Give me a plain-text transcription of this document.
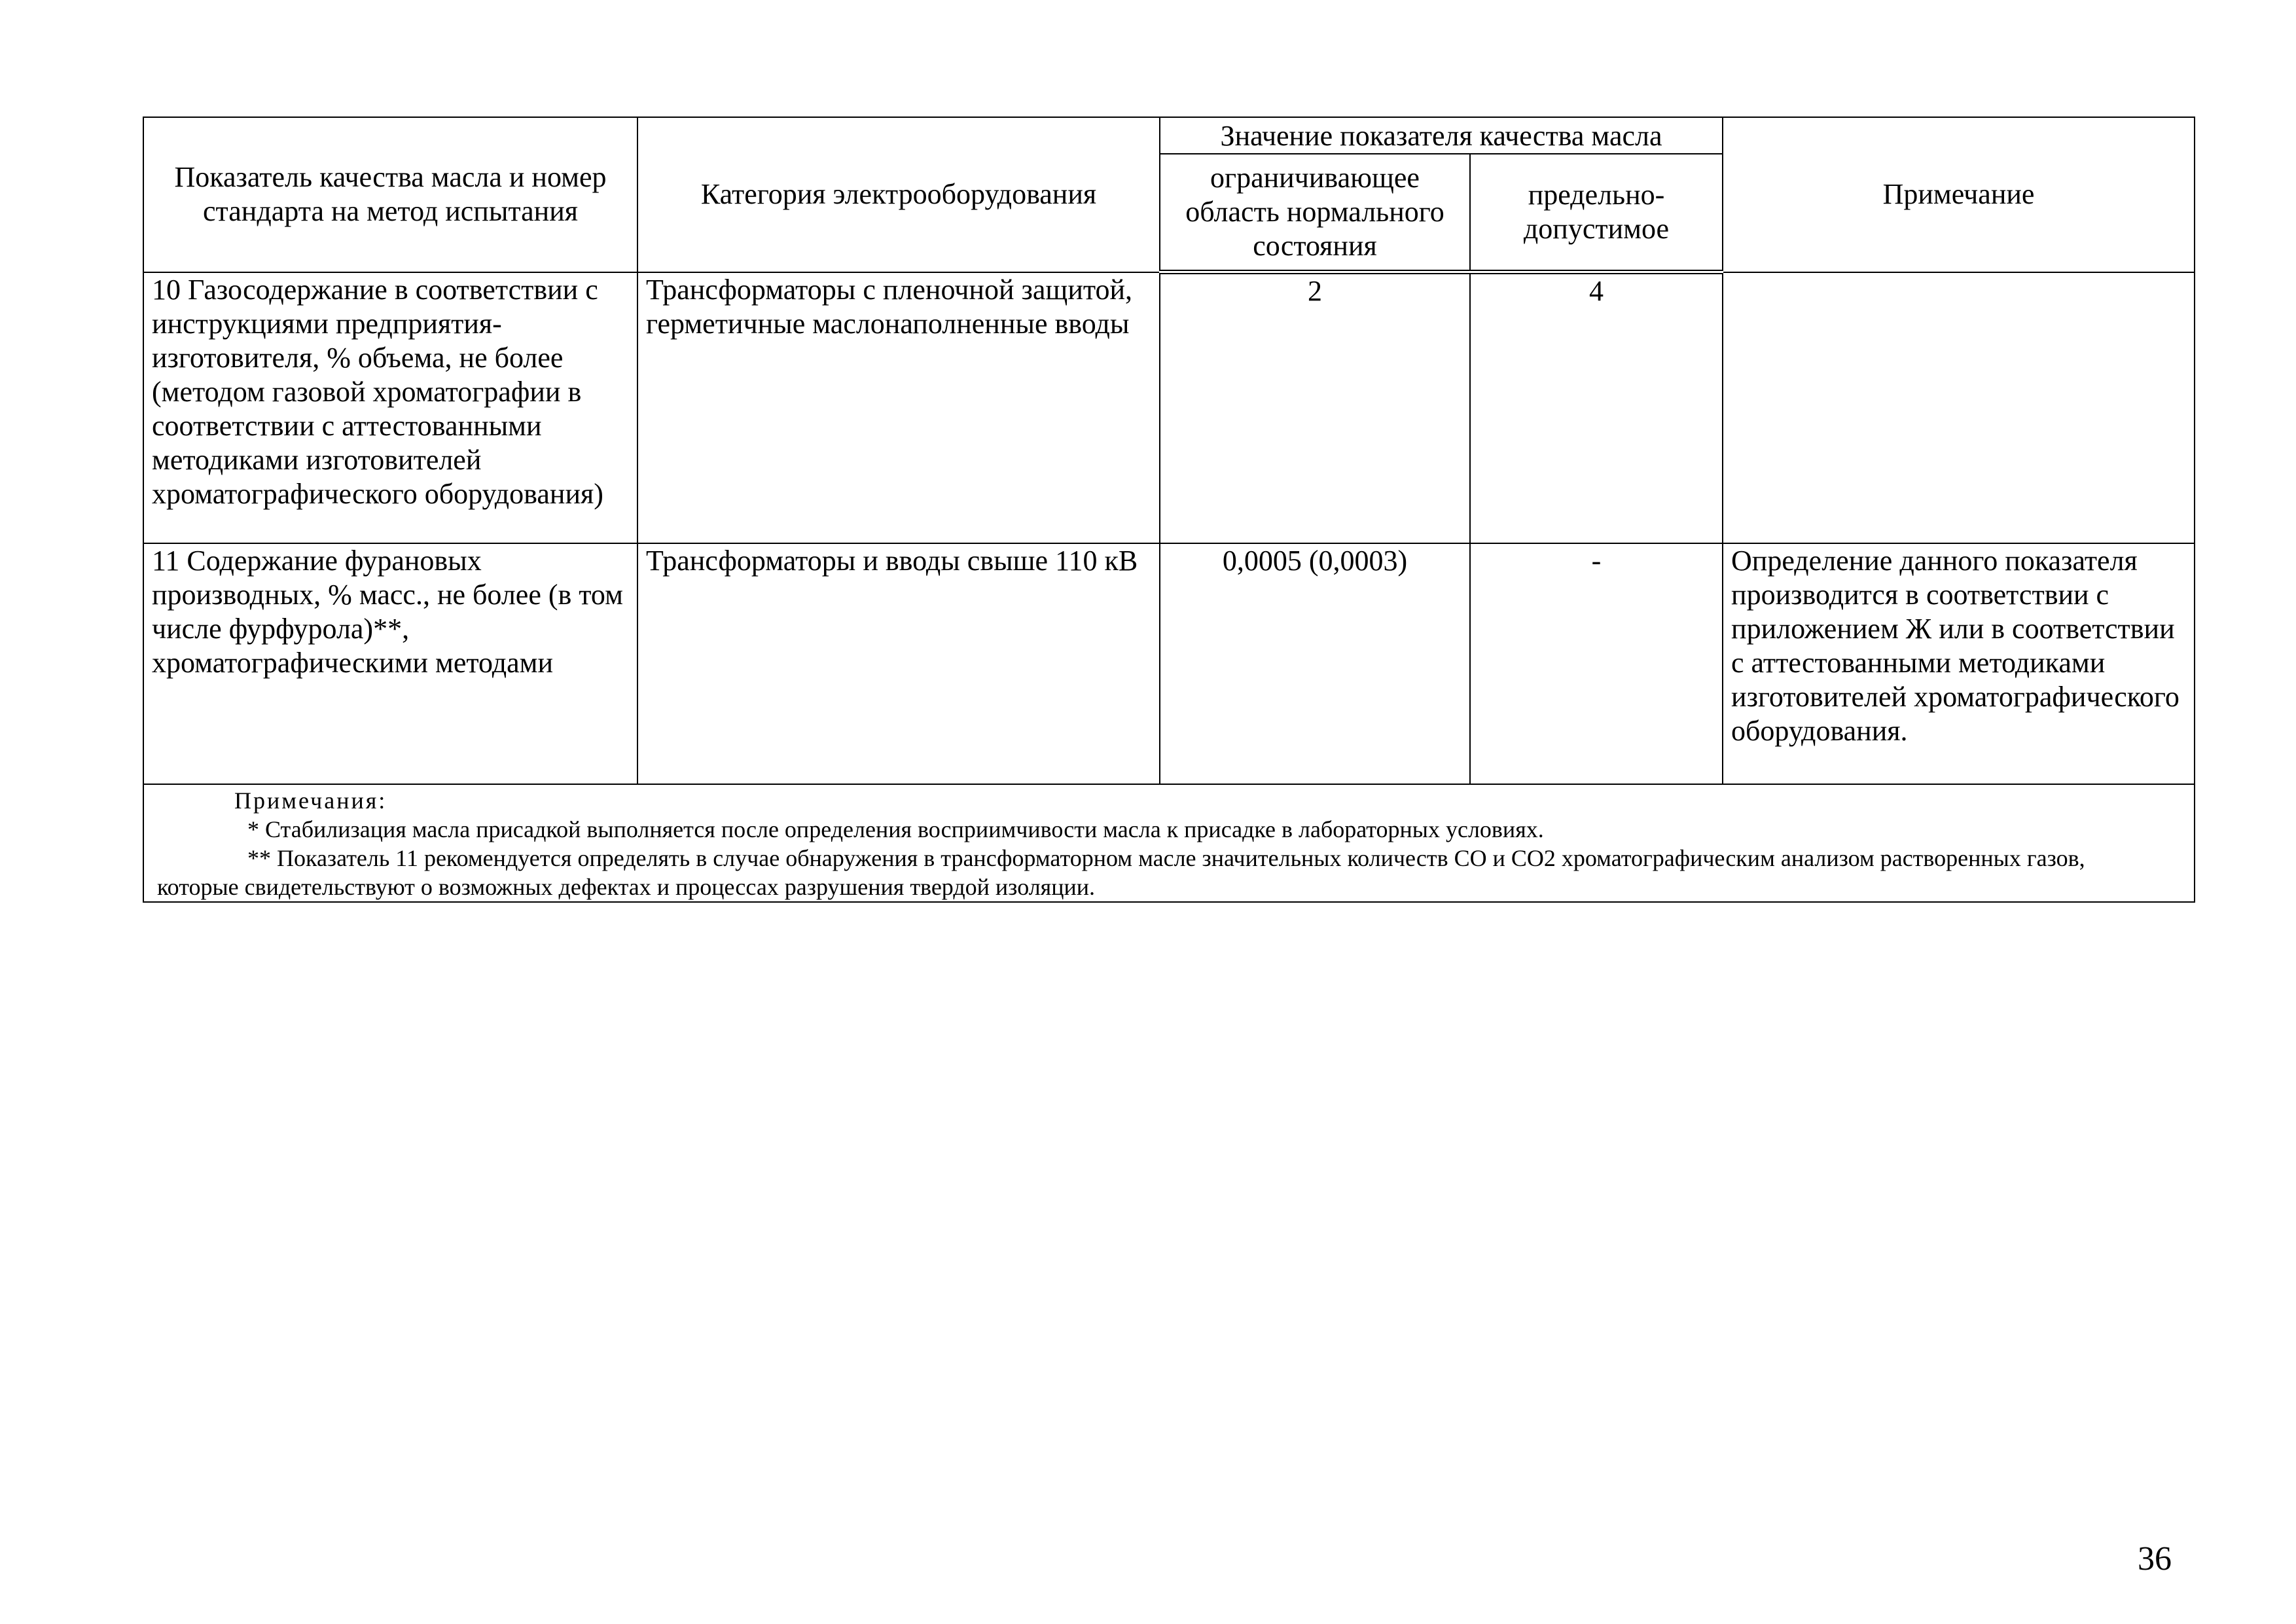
Показатель качества масла и номер стандарта на метод испытания	Категория электрооборудования	Значение показателя качества масла		Примечание
		ограничивающее область нормального состояния	предельно-допустимое	
10 Газосодержание в соответствии с инструкциями предприятия-изготовителя, % объема, не более (методом газовой хроматографии в соответствии с аттестованными методиками изготовителей хроматографического оборудования)	Трансформаторы с пленочной защитой, герметичные маслонаполненные вводы	2	4	
11 Содержание фурановых производных, % масс., не более (в том числе фурфурола)**, хроматографическими методами	Трансформаторы и вводы свыше 110 кВ	0,0005 (0,0003)	-	Определение данного показателя производится в соответствии с приложением Ж или в соответствии с аттестованными методиками изготовителей хроматографического оборудования.

Примечания:
* Стабилизация масла присадкой выполняется после определения восприимчивости масла к присадке в лабораторных условиях.
** Показатель 11 рекомендуется определять в случае обнаружения в трансформаторном масле значительных количеств СО и СО2 хроматографическим анализом растворенных газов, которые свидетельствуют о возможных дефектах и процессах разрушения твердой изоляции.				
36
